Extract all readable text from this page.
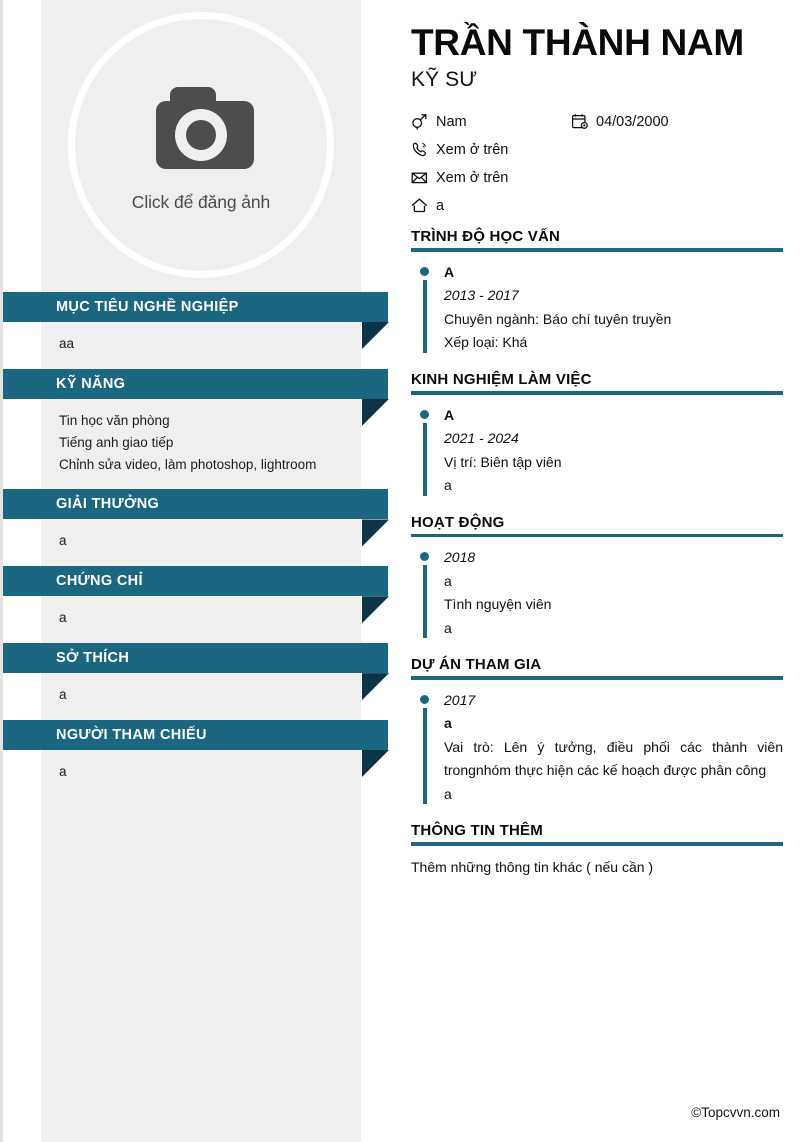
Click để đăng ảnh
MỤC TIÊU NGHỀ NGHIỆP

aa

KỸ NĂNG

Tin học văn phòng

Tiếng anh giao tiếp

Chỉnh sửa video, làm photoshop, lightroom

GIẢI THƯỞNG

a

CHỨNG CHỈ

a

SỞ THÍCH

a

NGƯỜI THAM CHIẾU

a

TRẦN THÀNH NAM
KỸ SƯ
Nam	04/03/2000
Xem ở trên
Xem ở trên
a
TRÌNH ĐỘ HỌC VẤN
A
2013 - 2017
Chuyên ngành: Báo chí tuyên truyền
Xếp loại: Khá
KINH NGHIỆM LÀM VIỆC
A
2021 - 2024
Vị trí: Biên tập viên
a
HOẠT ĐỘNG
2018
a
Tình nguyện viên
a
DỰ ÁN THAM GIA
2017
a
Vai trò: Lên ý tưởng, điều phối các thành viên trongnhóm thực hiện các kế hoạch được phân công
a
THÔNG TIN THÊM
Thêm những thông tin khác ( nếu cần )
©Topcvvn.com
